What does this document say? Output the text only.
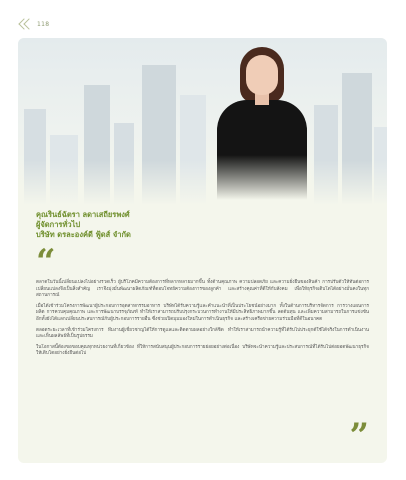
118
คุณรินธ์ฉัตรา ลดาเสถียรพงศ์
ผู้จัดการทั่วไป
บริษัท ดรละองค์ดี ฟู้ดส์ จำกัด
“

ตลาดในวันนี้เปลี่ยนแปลงไปอย่างรวดเร็ว ผู้บริโภคมีความต้องการที่หลากหลายมากขึ้น ทั้งด้านคุณภาพ ความปลอดภัย และความยั่งยืนของสินค้า การปรับตัวให้ทันต่อการเปลี่ยนแปลงจึงเป็นสิ่งสำคัญ เราจึงมุ่งมั่นพัฒนาผลิตภัณฑ์ที่ตอบโจทย์ความต้องการของลูกค้า และสร้างคุณค่าที่ดีให้กับสังคม เพื่อให้ธุรกิจเติบโตได้อย่างมั่นคงในทุกสถานการณ์

เมื่อได้เข้าร่วมโครงการพัฒนาผู้ประกอบการอุตสาหกรรมอาหาร บริษัทได้รับความรู้และคำแนะนำที่เป็นประโยชน์อย่างมาก ทั้งในด้านการบริหารจัดการ การวางแผนการผลิต การควบคุมคุณภาพ และการพัฒนาบรรจุภัณฑ์ ทำให้เราสามารถปรับปรุงกระบวนการทำงานให้มีประสิทธิภาพมากขึ้น ลดต้นทุน และเพิ่มความสามารถในการแข่งขัน อีกทั้งยังได้แลกเปลี่ยนประสบการณ์กับผู้ประกอบการรายอื่น ซึ่งช่วยเปิดมุมมองใหม่ในการดำเนินธุรกิจ และสร้างเครือข่ายความร่วมมือที่ดีในอนาคต

ตลอดระยะเวลาที่เข้าร่วมโครงการ ทีมงานผู้เชี่ยวชาญได้ให้การดูแลและติดตามผลอย่างใกล้ชิด ทำให้เราสามารถนำความรู้ที่ได้รับไปประยุกต์ใช้ได้จริงในการดำเนินงาน และเห็นผลลัพธ์ที่เป็นรูปธรรม

ในโอกาสนี้ต้องขอขอบคุณทุกหน่วยงานที่เกี่ยวข้อง ที่ให้การสนับสนุนผู้ประกอบการรายย่อยอย่างต่อเนื่อง บริษัทจะนำความรู้และประสบการณ์ที่ได้รับไปต่อยอดพัฒนาธุรกิจให้เติบโตอย่างยั่งยืนต่อไป

”
